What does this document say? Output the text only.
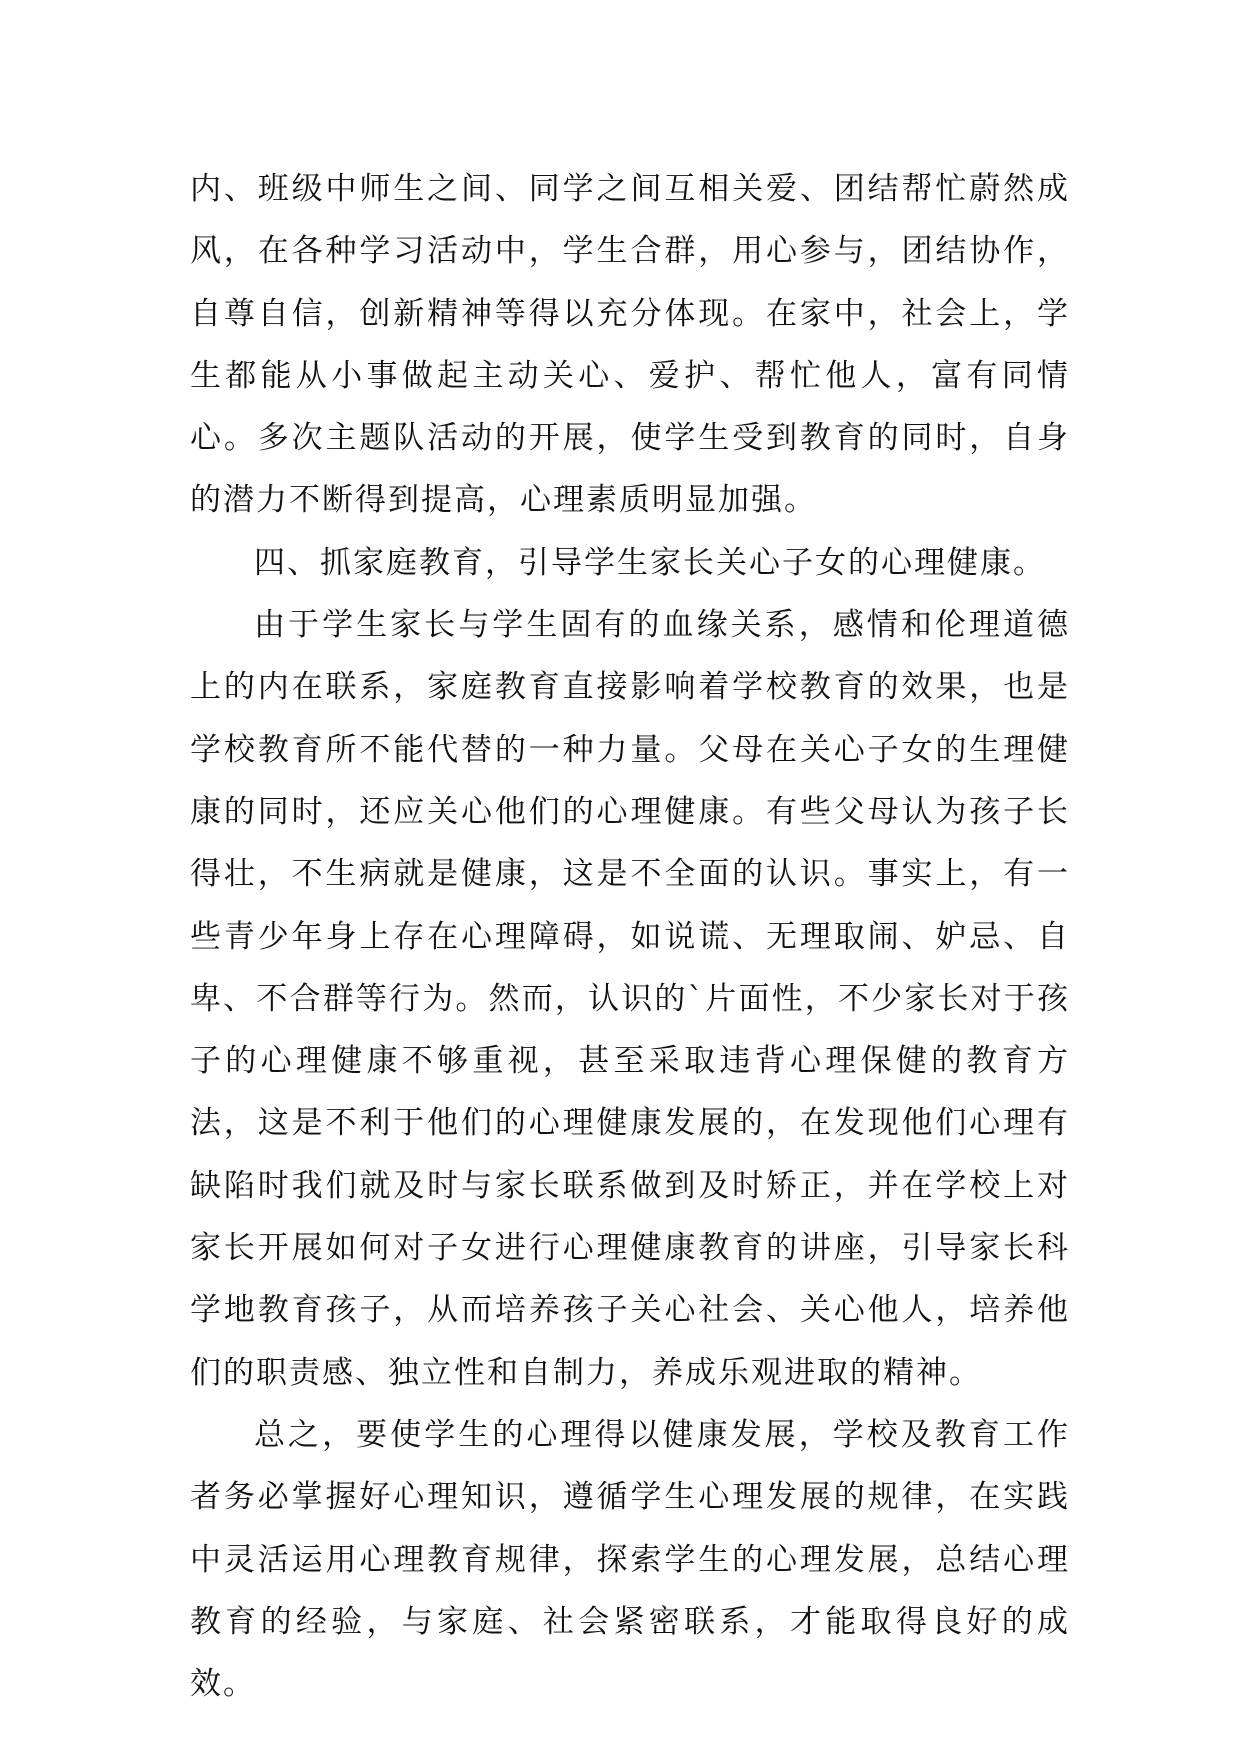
内、班级中师生之间、同学之间互相关爱、团结帮忙蔚然成风，在各种学习活动中，学生合群，用心参与，团结协作，自尊自信，创新精神等得以充分体现。在家中，社会上，学生都能从小事做起主动关心、爱护、帮忙他人，富有同情心。多次主题队活动的开展，使学生受到教育的同时，自身的潜力不断得到提高，心理素质明显加强。

四、抓家庭教育，引导学生家长关心子女的心理健康。

由于学生家长与学生固有的血缘关系，感情和伦理道德上的内在联系，家庭教育直接影响着学校教育的效果，也是学校教育所不能代替的一种力量。父母在关心子女的生理健康的同时，还应关心他们的心理健康。有些父母认为孩子长得壮，不生病就是健康，这是不全面的认识。事实上，有一些青少年身上存在心理障碍，如说谎、无理取闹、妒忌、自卑、不合群等行为。然而，认识的`片面性，不少家长对于孩子的心理健康不够重视，甚至采取违背心理保健的教育方法，这是不利于他们的心理健康发展的，在发现他们心理有缺陷时我们就及时与家长联系做到及时矫正，并在学校上对家长开展如何对子女进行心理健康教育的讲座，引导家长科学地教育孩子，从而培养孩子关心社会、关心他人，培养他们的职责感、独立性和自制力，养成乐观进取的精神。

总之，要使学生的心理得以健康发展，学校及教育工作者务必掌握好心理知识，遵循学生心理发展的规律，在实践中灵活运用心理教育规律，探索学生的心理发展，总结心理教育的经验，与家庭、社会紧密联系，才能取得良好的成效。
